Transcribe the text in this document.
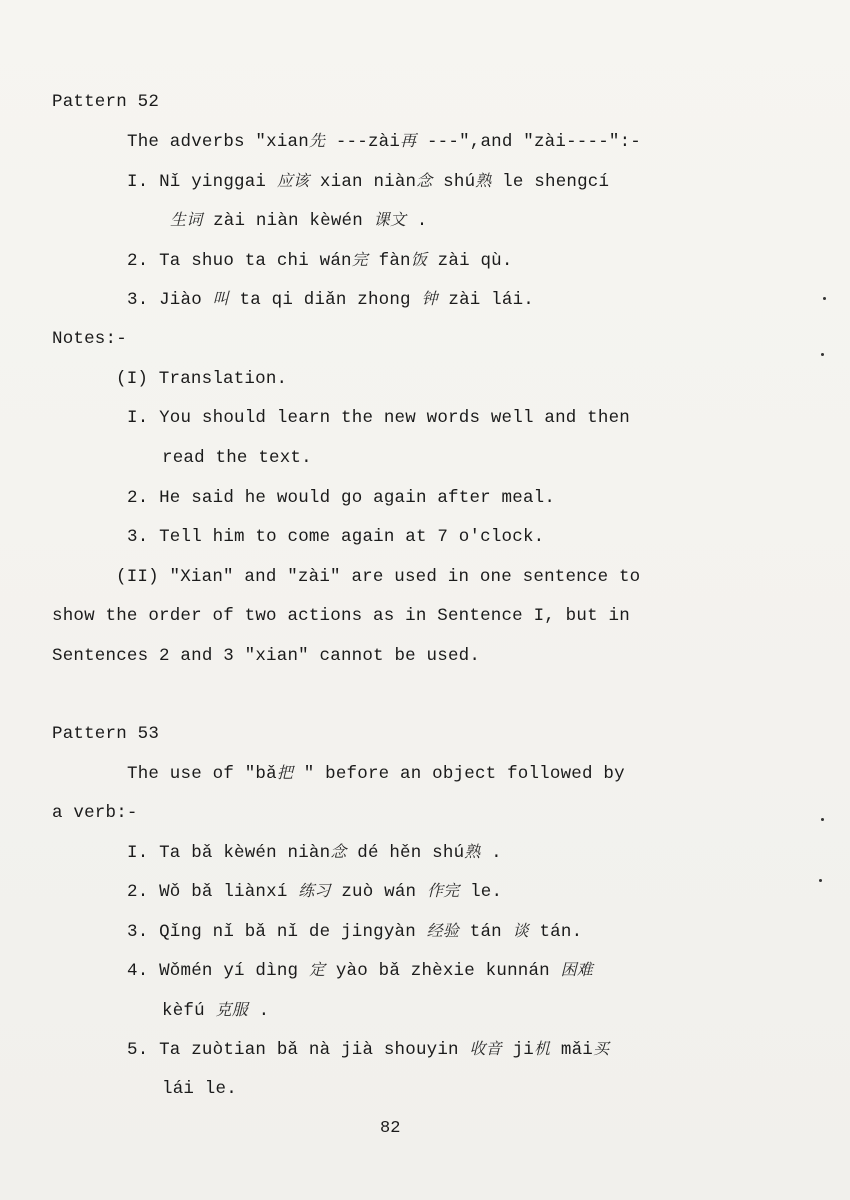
Pattern 52
The adverbs "xian先 ---zài再 ---",and "zài----":-
I. Nǐ yinggai 应该 xian niàn念 shú熟 le shengcí
生词 zài niàn kèwén 课文 .
2. Ta shuo ta chi wán完 fàn饭 zài qù.
3. Jiào 叫 ta qi diǎn zhong 钟 zài lái.
Notes:-
(I) Translation.
I. You should learn the new words well and then
read the text.
2. He said he would go again after meal.
3. Tell him to come again at 7 o'clock.
(II) "Xian" and "zài" are used in one sentence to
show the order of two actions as in Sentence I, but in
Sentences 2 and 3 "xian" cannot be used.
Pattern 53
The use of "bǎ把 " before an object followed by
a verb:-
I. Ta bǎ kèwén niàn念 dé hěn shú熟 .
2. Wǒ bǎ liànxí 练习 zuò wán 作完 le.
3. Qǐng nǐ bǎ nǐ de jingyàn 经验 tán 谈 tán.
4. Wǒmén yí dìng 定 yào bǎ zhèxie kunnán 困难
kèfú 克服 .
5. Ta zuòtian bǎ nà jià shouyin 收音 ji机 mǎi买
lái le.
82
